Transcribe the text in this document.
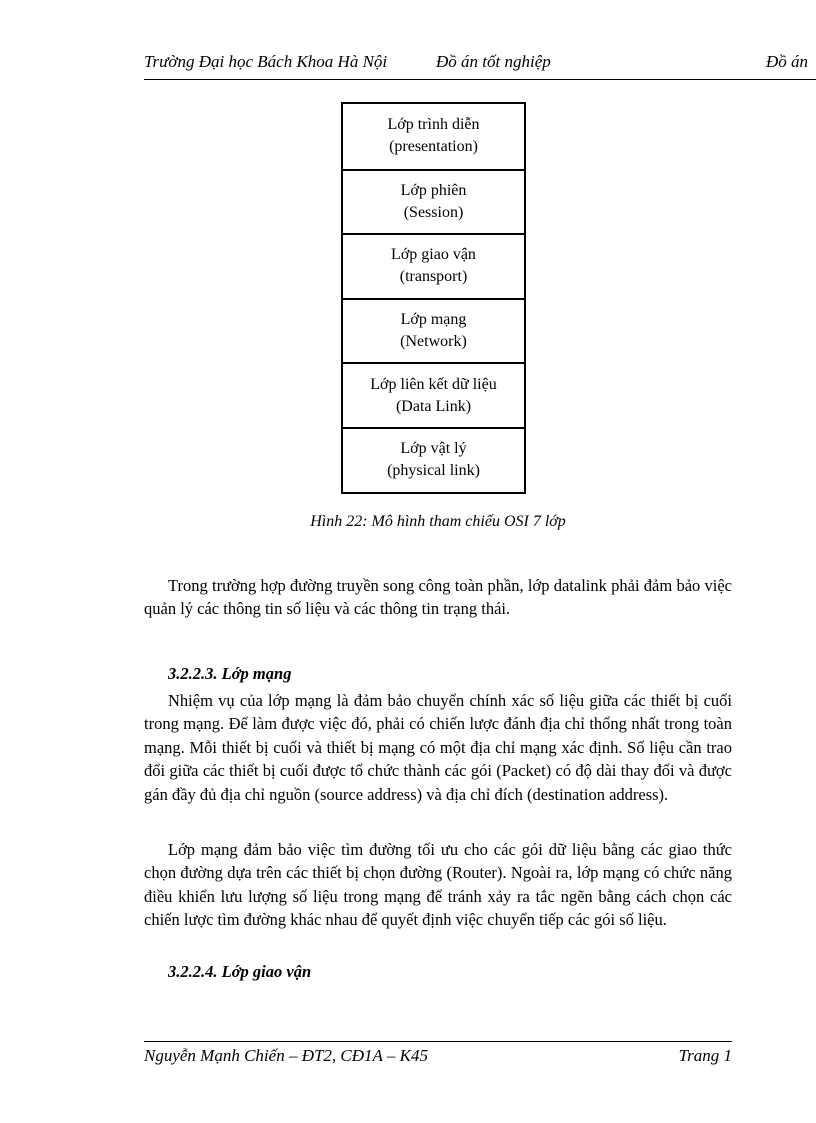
Trường Đại học Bách Khoa Hà Nội	Đồ án tốt nghiệp	Đồ án
Lớp trình diễn
(presentation)
Lớp phiên
(Session)
Lớp giao vận
(transport)
Lớp mạng
(Network)
Lớp liên kết dữ liệu
(Data Link)
Lớp vật lý
(physical link)
Hình 22: Mô hình tham chiếu OSI 7 lớp

Trong trường hợp đường truyền song công toàn phần, lớp datalink phải đảm bảo việc quản lý các thông tin số liệu và các thông tin trạng thái.

3.2.2.3. Lớp mạng

Nhiệm vụ của lớp mạng là đảm bảo chuyển chính xác số liệu giữa các thiết bị cuối trong mạng. Để làm được việc đó, phải có chiến lược đánh địa chỉ thống nhất trong toàn mạng. Mỗi thiết bị cuối và thiết bị mạng có một địa chỉ mạng xác định. Số liệu cần trao đổi giữa các thiết bị cuối được tổ chức thành các gói (Packet) có độ dài thay đổi và được gán đầy đủ địa chỉ nguồn (source address) và địa chỉ đích (destination address).

Lớp mạng đảm bảo việc tìm đường tối ưu cho các gói dữ liệu bằng các giao thức chọn đường dựa trên các thiết bị chọn đường (Router). Ngoài ra, lớp mạng có chức năng điều khiển lưu lượng số liệu trong mạng để tránh xảy ra tắc ngẽn bằng cách chọn các chiến lược tìm đường khác nhau để quyết định việc chuyển tiếp các gói số liệu.

3.2.2.4. Lớp giao vận
Nguyễn Mạnh Chiến – ĐT2, CĐ1A – K45	Trang 1
